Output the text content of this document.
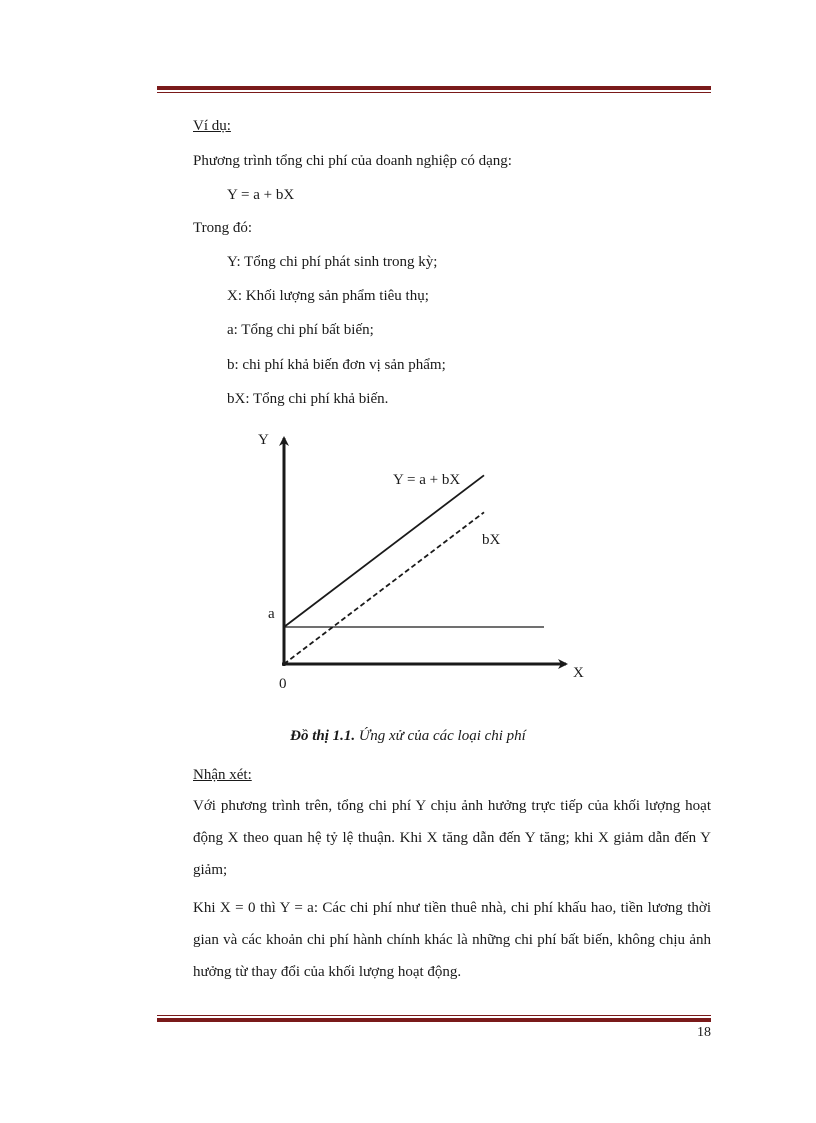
Ví dụ:
Phương trình tổng chi phí của doanh nghiệp có dạng:
Y = a + bX
Trong đó:
Y: Tổng chi phí phát sinh trong kỳ;
X: Khối lượng sản phẩm tiêu thụ;
a: Tổng chi phí bất biến;
b: chi phí khả biến đơn vị sản phẩm;
bX: Tổng chi phí khả biến.
Y
X
0
a
Y = a + bX
bX
Đồ thị 1.1. Ứng xử của các loại chi phí
Nhận xét:
Với phương trình trên, tổng chi phí Y chịu ảnh hưởng trực tiếp của khối lượng hoạt động X theo quan hệ tỷ lệ thuận. Khi X tăng dẫn đến Y tăng; khi X giảm dẫn đến Y giảm;
Khi X = 0 thì Y = a: Các chi phí như tiền thuê nhà, chi phí khấu hao, tiền lương thời gian và các khoản chi phí hành chính khác là những chi phí bất biến, không chịu ảnh hưởng từ thay đổi của khối lượng hoạt động.
18
